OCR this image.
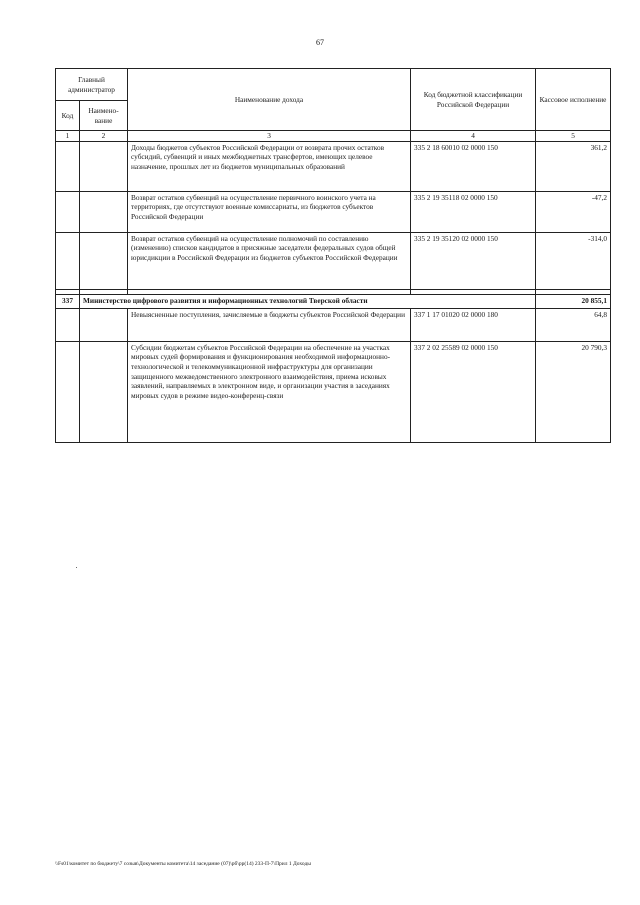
67
Главный администратор		Наименование дохода	Код бюджетной классификации Российской Федерации	Кассовое исполнение
Код	Наимено-вание			
1	2	3	4	5
		Доходы бюджетов субъектов Российской Федерации от возврата прочих остатков субсидий, субвенций и иных межбюджетных трансфертов, имеющих целевое назначение, прошлых лет из бюджетов муниципальных образований	335 2 18 60010 02 0000 150	361,2
		Возврат остатков субвенций на осуществление первичного воинского учета на территориях, где отсутствуют военные комиссариаты, из бюджетов субъектов Российской Федерации	335 2 19 35118 02 0000 150	-47,2
		Возврат остатков субвенций на осуществление полномочий по составлению (изменению) списков кандидатов в присяжные заседатели федеральных судов общей юрисдикции в Российской Федерации из бюджетов субъектов Российской Федерации	335 2 19 35120 02 0000 150	-314,0

337	Министерство цифрового развития и информационных технологий Тверской области			20 855,1
		Невыясненные поступления, зачисляемые в бюджеты субъектов Российской Федерации	337 1 17 01020 02 0000 180	64,8
		Субсидии бюджетам субъектов Российской Федерации на обеспечение на участках мировых судей формирования и функционирования необходимой информационно-технологической и телекоммуникационной инфраструктуры для организации защищенного межведомственного электронного взаимодействия, приема исковых заявлений, направляемых в электронном виде, и организации участия в заседаниях мировых судов в режиме видео-конференц-связи	337 2 02 25589 02 0000 150	20 790,3
\\Fs01\комитет по бюджету\7 созыв\Документы комитета\14 заседание (07)\рб\рр(14) 233-П-7\Прил 1 Доходы
